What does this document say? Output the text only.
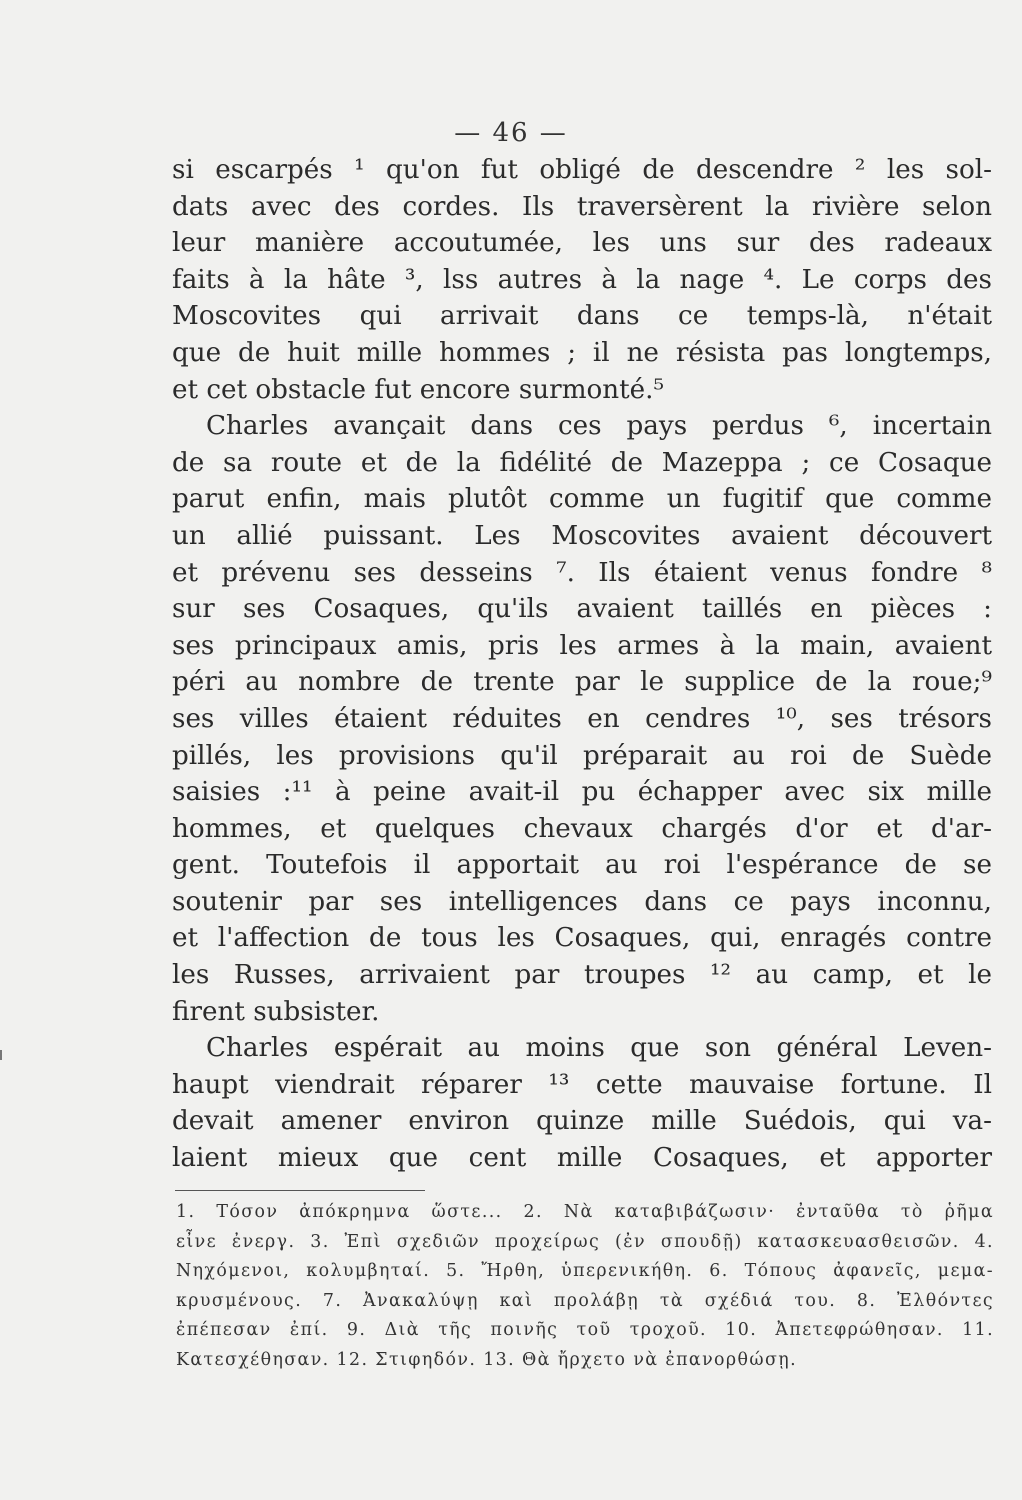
— 46 —
si escarpés ¹ qu'on fut obligé de descendre ² les sol-
dats avec des cordes. Ils traversèrent la rivière selon
leur manière accoutumée, les uns sur des radeaux
faits à la hâte ³, lss autres à la nage ⁴. Le corps des
Moscovites qui arrivait dans ce temps-là, n'était
que de huit mille hommes ; il ne résista pas longtemps,
et cet obstacle fut encore surmonté.⁵
Charles avançait dans ces pays perdus ⁶, incertain
de sa route et de la fidélité de Mazeppa ; ce Cosaque
parut enfin, mais plutôt comme un fugitif que comme
un allié puissant. Les Moscovites avaient découvert
et prévenu ses desseins ⁷. Ils étaient venus fondre ⁸
sur ses Cosaques, qu'ils avaient taillés en pièces :
ses principaux amis, pris les armes à la main, avaient
péri au nombre de trente par le supplice de la roue;⁹
ses villes étaient réduites en cendres ¹⁰, ses trésors
pillés, les provisions qu'il préparait au roi de Suède
saisies :¹¹ à peine avait-il pu échapper avec six mille
hommes, et quelques chevaux chargés d'or et d'ar-
gent. Toutefois il apportait au roi l'espérance de se
soutenir par ses intelligences dans ce pays inconnu,
et l'affection de tous les Cosaques, qui, enragés contre
les Russes, arrivaient par troupes ¹² au camp, et le
firent subsister.
Charles espérait au moins que son général Leven-
haupt viendrait réparer ¹³ cette mauvaise fortune. Il
devait amener environ quinze mille Suédois, qui va-
laient mieux que cent mille Cosaques, et apporter
1. Τόσον ἀπόκρημνα ὥστε... 2. Νὰ καταβιβάζωσιν· ἐνταῦθα τὸ ῥῆμα
εἶνε ἐνεργ. 3. Ἐπὶ σχεδιῶν προχείρως (ἐν σπουδῇ) κατασκευασθεισῶν. 4.
Νηχόμενοι, κολυμβηταί. 5. Ἤρθη, ὑπερενικήθη. 6. Τόπους ἀφανεῖς, μεμα-
κρυσμένους. 7. Ἀνακαλύψῃ καὶ προλάβῃ τὰ σχέδιά του. 8. Ἐλθόντες
ἐπέπεσαν ἐπί. 9. Διὰ τῆς ποινῆς τοῦ τροχοῦ. 10. Ἀπετεφρώθησαν. 11.
Κατεσχέθησαν. 12. Στιφηδόν. 13. Θὰ ἤρχετο νὰ ἐπανορθώσῃ.
